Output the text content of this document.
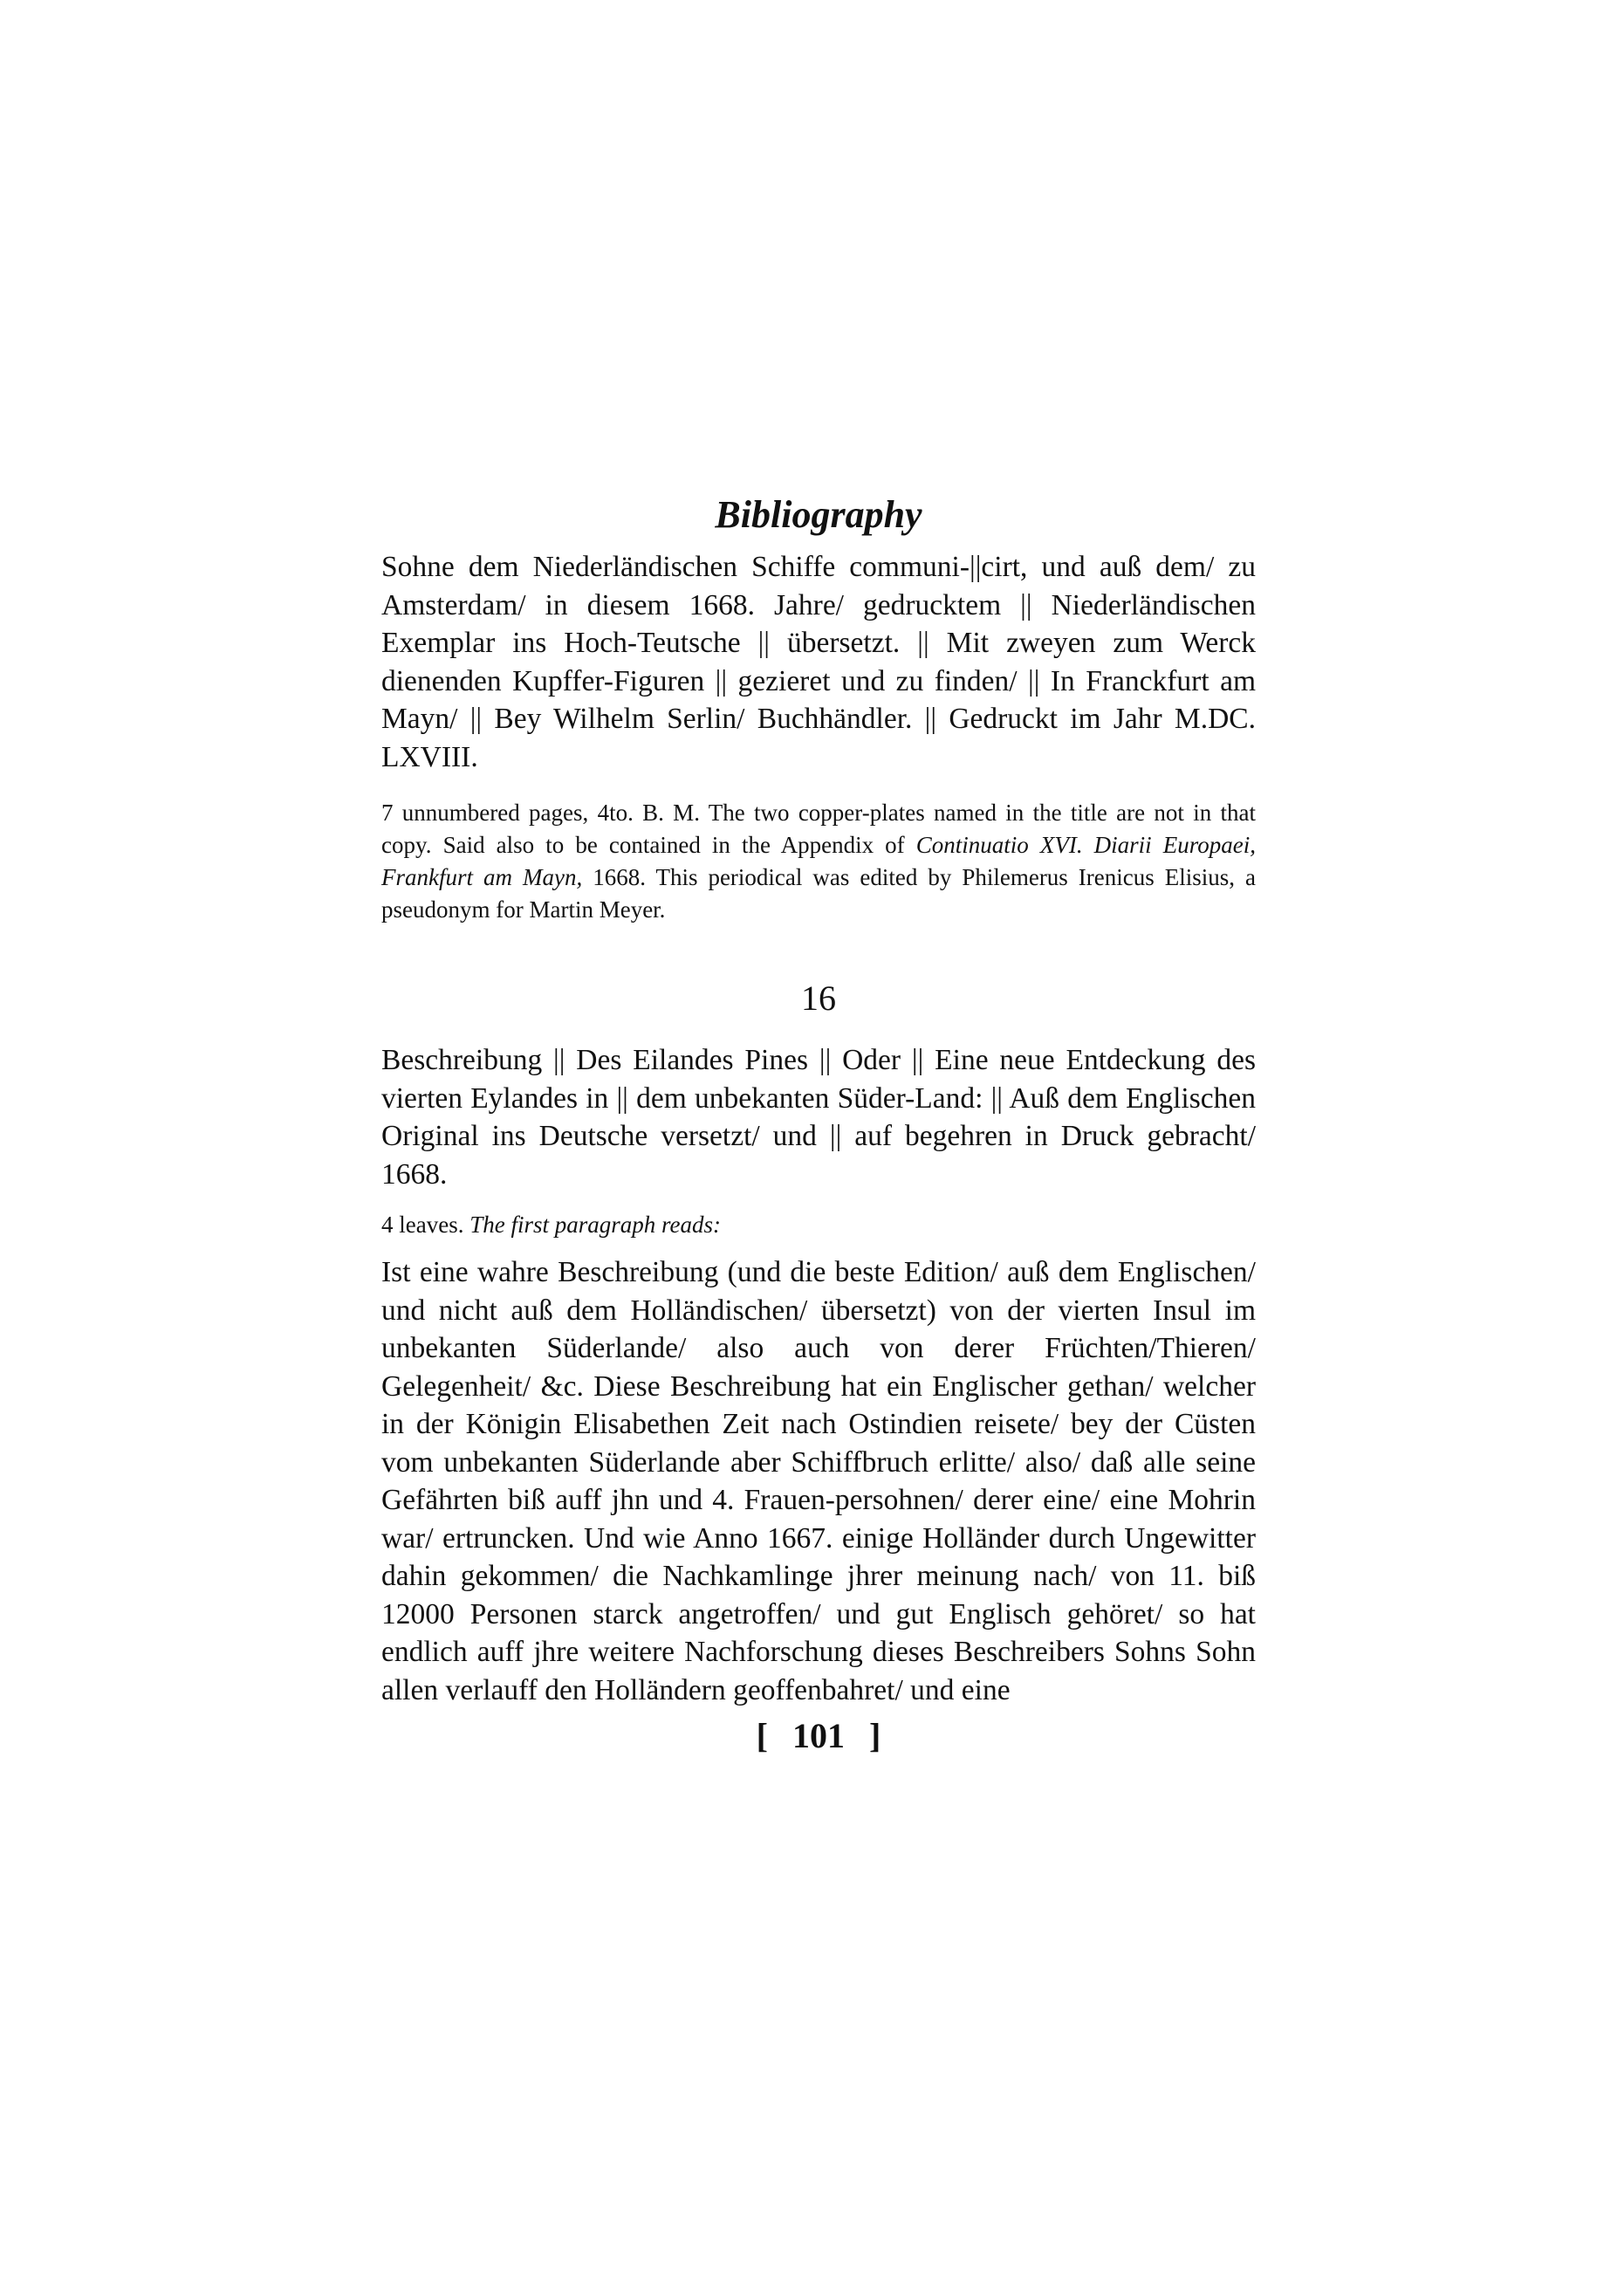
Bibliography

Sohne dem Niederländischen Schiffe communi-||cirt, und auß dem/ zu Amsterdam/ in diesem 1668. Jahre/ gedrucktem || Niederländischen Exemplar ins Hoch-Teutsche || übersetzt. || Mit zweyen zum Werck dienenden Kupffer-Figuren || gezieret und zu finden/ || In Franckfurt am Mayn/ || Bey Wilhelm Serlin/ Buchhändler. || Gedruckt im Jahr M.DC. LXVIII.

7 unnumbered pages, 4to. B. M. The two copper-plates named in the title are not in that copy. Said also to be contained in the Appendix of Continuatio XVI. Diarii Europaei, Frankfurt am Mayn, 1668. This periodical was edited by Philemerus Irenicus Elisius, a pseudonym for Martin Meyer.

16

Beschreibung || Des Eilandes Pines || Oder || Eine neue Entdeckung des vierten Eylandes in || dem unbekanten Süder-Land: || Auß dem Englischen Original ins Deutsche versetzt/ und || auf begehren in Druck gebracht/ 1668.

4 leaves. The first paragraph reads:

Ist eine wahre Beschreibung (und die beste Edition/ auß dem Englischen/ und nicht auß dem Holländischen/ übersetzt) von der vierten Insul im unbekanten Süderlande/ also auch von derer Früchten/Thieren/ Gelegenheit/ &c. Diese Beschreibung hat ein Englischer gethan/ welcher in der Königin Elisabethen Zeit nach Ostindien reisete/ bey der Cüsten vom unbekanten Süderlande aber Schiffbruch erlitte/ also/ daß alle seine Gefährten biß auff jhn und 4. Frauen-persohnen/ derer eine/ eine Mohrin war/ ertruncken. Und wie Anno 1667. einige Holländer durch Ungewitter dahin gekommen/ die Nachkamlinge jhrer meinung nach/ von 11. biß 12000 Personen starck angetroffen/ und gut Englisch gehöret/ so hat endlich auff jhre weitere Nachforschung dieses Beschreibers Sohns Sohn allen verlauff den Holländern geoffenbahret/ und eine

[ 101 ]
